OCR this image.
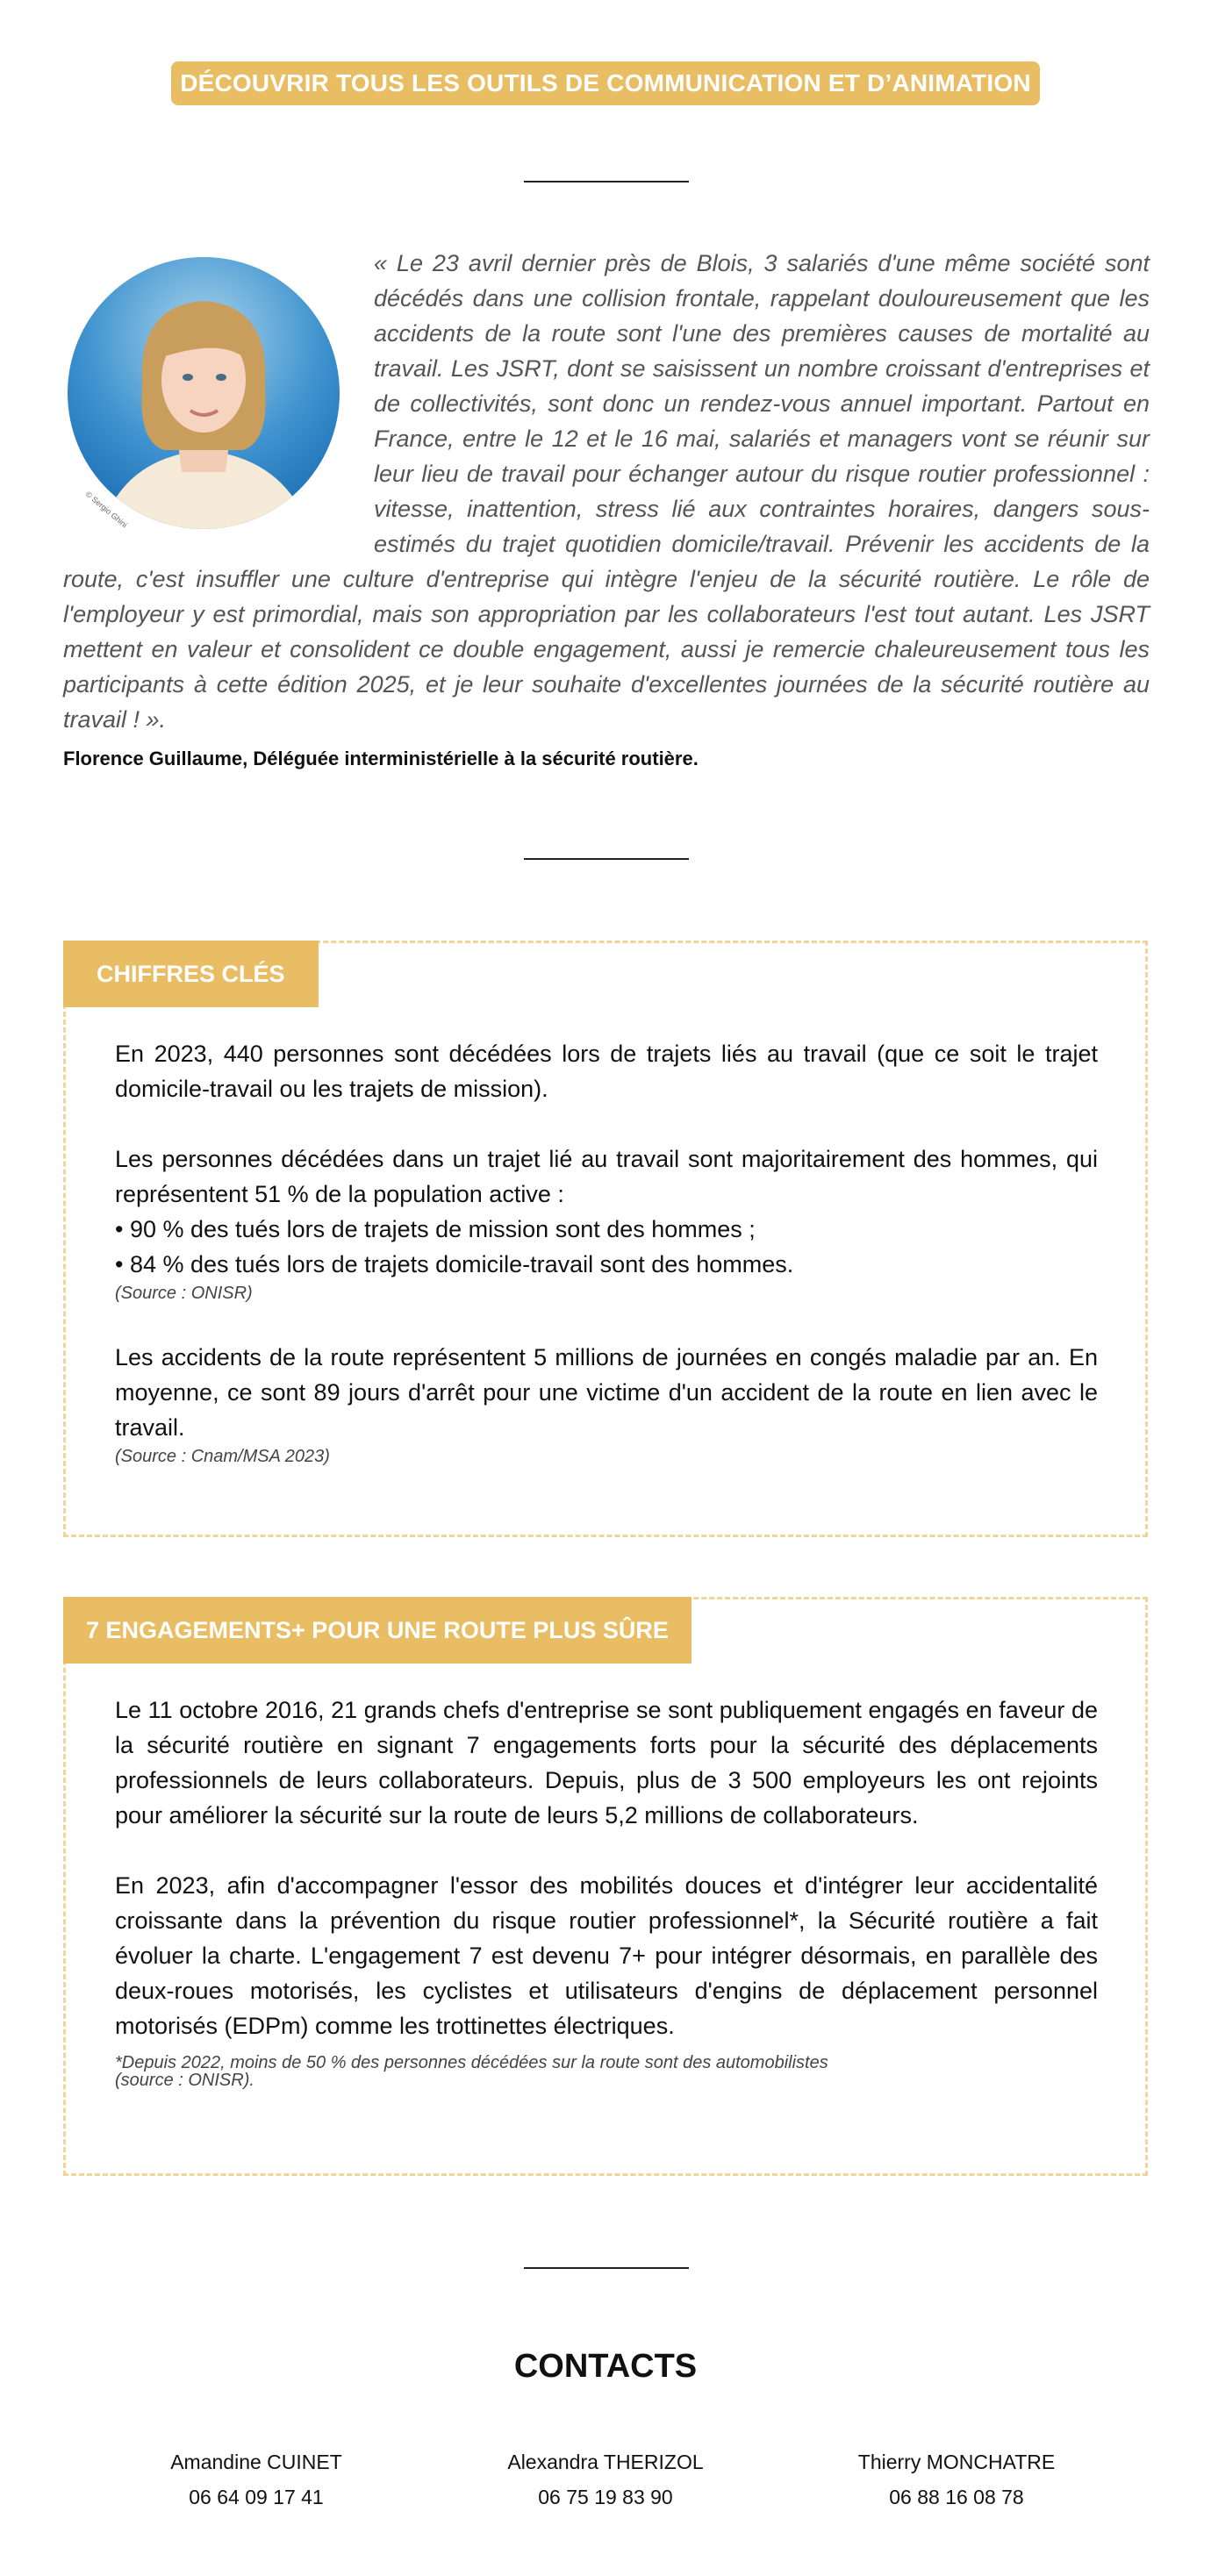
DÉCOUVRIR TOUS LES OUTILS DE COMMUNICATION ET D’ANIMATION
© Sergio Ghini

« Le 23 avril dernier près de Blois, 3 salariés d'une même société sont décédés dans une collision frontale, rappelant douloureusement que les accidents de la route sont l'une des premières causes de mortalité au travail. Les JSRT, dont se saisissent un nombre croissant d'entreprises et de collectivités, sont donc un rendez-vous annuel important. Partout en France, entre le 12 et le 16 mai, salariés et managers vont se réunir sur leur lieu de travail pour échanger autour du risque routier professionnel : vitesse, inattention, stress lié aux contraintes horaires, dangers sous-estimés du trajet quotidien domicile/travail. Prévenir les accidents de la route, c'est insuffler une culture d'entreprise qui intègre l'enjeu de la sécurité routière. Le rôle de l'employeur y est primordial, mais son appropriation par les collaborateurs l'est tout autant. Les JSRT mettent en valeur et consolident ce double engagement, aussi je remercie chaleureusement tous les participants à cette édition 2025, et je leur souhaite d'excellentes journées de la sécurité routière au travail ! ».

Florence Guillaume, Déléguée interministérielle à la sécurité routière.
CHIFFRES CLÉS

En 2023, 440 personnes sont décédées lors de trajets liés au travail (que ce soit le trajet domicile-travail ou les trajets de mission).

Les personnes décédées dans un trajet lié au travail sont majoritairement des hommes, qui représentent 51 % de la population active :

• 90 % des tués lors de trajets de mission sont des hommes ;

• 84 % des tués lors de trajets domicile-travail sont des hommes.

(Source : ONISR)

Les accidents de la route représentent 5 millions de journées en congés maladie par an. En moyenne, ce sont 89 jours d'arrêt pour une victime d'un accident de la route en lien avec le travail.

(Source : Cnam/MSA 2023)

7 ENGAGEMENTS+ POUR UNE ROUTE PLUS SÛRE

Le 11 octobre 2016, 21 grands chefs d'entreprise se sont publiquement engagés en faveur de la sécurité routière en signant 7 engagements forts pour la sécurité des déplacements professionnels de leurs collaborateurs. Depuis, plus de 3 500 employeurs les ont rejoints pour améliorer la sécurité sur la route de leurs 5,2 millions de collaborateurs.

En 2023, afin d'accompagner l'essor des mobilités douces et d'intégrer leur accidentalité croissante dans la prévention du risque routier professionnel*, la Sécurité routière a fait évoluer la charte. L'engagement 7 est devenu 7+ pour intégrer désormais, en parallèle des deux-roues motorisés, les cyclistes et utilisateurs d'engins de déplacement personnel motorisés (EDPm) comme les trottinettes électriques.

*Depuis 2022, moins de 50 % des personnes décédées sur la route sont des automobilistes

(source : ONISR).

CONTACTS
Amandine CUINET
06 64 09 17 41
Alexandra THERIZOL
06 75 19 83 90
Thierry MONCHATRE
06 88 16 08 78
